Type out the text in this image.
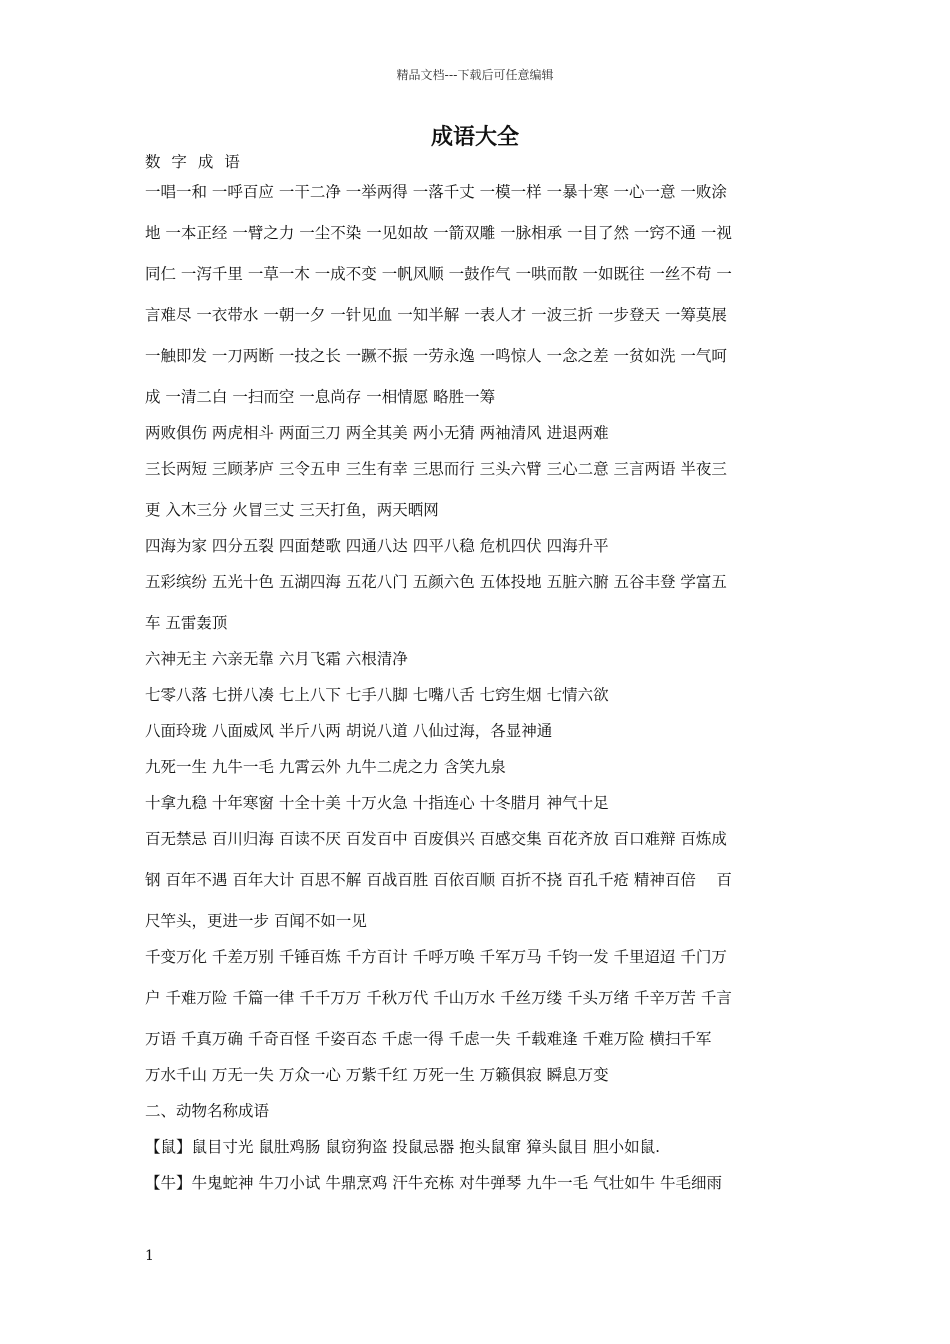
精品文档---下载后可任意编辑
成语大全
数 字 成 语
一唱一和 一呼百应 一干二净 一举两得 一落千丈 一模一样 一暴十寒 一心一意 一败涂
地 一本正经 一臂之力 一尘不染 一见如故 一箭双雕 一脉相承 一目了然 一窍不通 一视
同仁 一泻千里 一草一木 一成不变 一帆风顺 一鼓作气 一哄而散 一如既往 一丝不苟 一
言难尽 一衣带水 一朝一夕 一针见血 一知半解 一表人才 一波三折 一步登天 一筹莫展
一触即发 一刀两断 一技之长 一蹶不振 一劳永逸 一鸣惊人 一念之差 一贫如洗 一气呵
成 一清二白 一扫而空 一息尚存 一相情愿 略胜一筹
两败俱伤 两虎相斗 两面三刀 两全其美 两小无猜 两袖清风 进退两难
三长两短 三顾茅庐 三令五申 三生有幸 三思而行 三头六臂 三心二意 三言两语 半夜三
更 入木三分 火冒三丈 三天打鱼，两天晒网
四海为家 四分五裂 四面楚歌 四通八达 四平八稳 危机四伏 四海升平
五彩缤纷 五光十色 五湖四海 五花八门 五颜六色 五体投地 五脏六腑 五谷丰登 学富五
车 五雷轰顶
六神无主 六亲无靠 六月飞霜 六根清净
七零八落 七拼八凑 七上八下 七手八脚 七嘴八舌 七窍生烟 七情六欲
八面玲珑 八面威风 半斤八两 胡说八道 八仙过海，各显神通
九死一生 九牛一毛 九霄云外 九牛二虎之力 含笑九泉
十拿九稳 十年寒窗 十全十美 十万火急 十指连心 十冬腊月 神气十足
百无禁忌 百川归海 百读不厌 百发百中 百废俱兴 百感交集 百花齐放 百口难辩 百炼成
钢 百年不遇 百年大计 百思不解 百战百胜 百依百顺 百折不挠 百孔千疮 精神百倍　 百
尺竿头，更进一步 百闻不如一见
千变万化 千差万别 千锤百炼 千方百计 千呼万唤 千军万马 千钧一发 千里迢迢 千门万
户 千难万险 千篇一律 千千万万 千秋万代 千山万水 千丝万缕 千头万绪 千辛万苦 千言
万语 千真万确 千奇百怪 千姿百态 千虑一得 千虑一失 千载难逢 千难万险 横扫千军
万水千山 万无一失 万众一心 万紫千红 万死一生 万籁俱寂 瞬息万变
二、动物名称成语
【鼠】鼠目寸光 鼠肚鸡肠 鼠窃狗盗 投鼠忌器 抱头鼠窜 獐头鼠目 胆小如鼠.
【牛】牛鬼蛇神 牛刀小试 牛鼎烹鸡 汗牛充栋 对牛弹琴 九牛一毛 气壮如牛 牛毛细雨
1
